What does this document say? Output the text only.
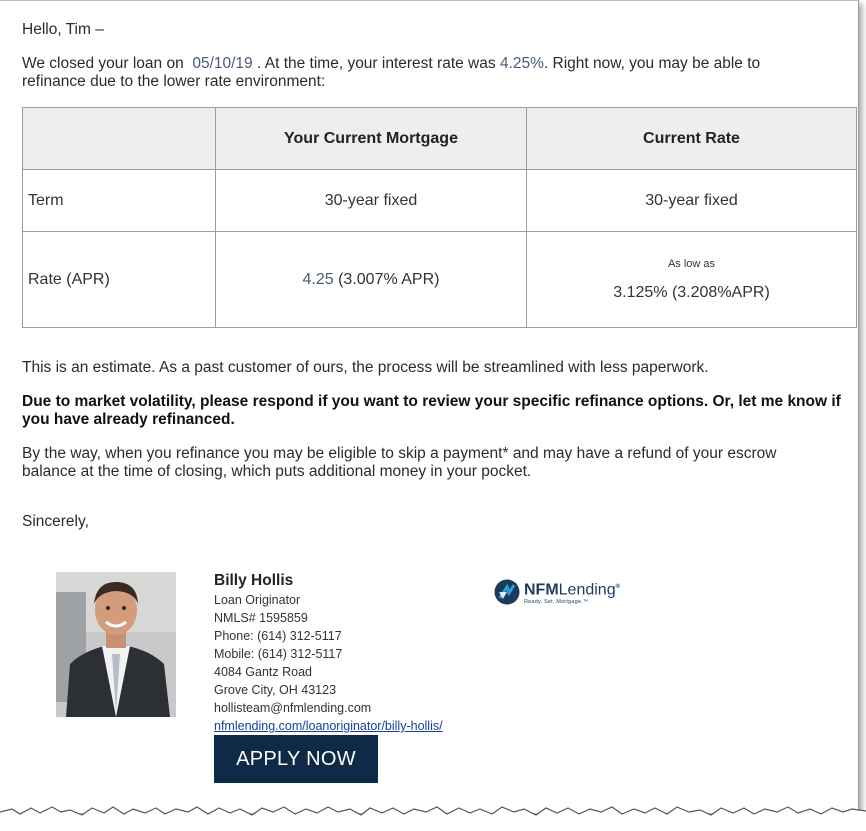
Hello, Tim –

We closed your loan on 05/10/19 . At the time, your interest rate was 4.25%. Right now, you may be able to refinance due to the lower rate environment:

	Your Current Mortgage	Current Rate
Term	30-year fixed	30-year fixed
Rate (APR)	4.25 (3.007% APR)	As low as
3.125% (3.208%APR)

This is an estimate. As a past customer of ours, the process will be streamlined with less paperwork.

Due to market volatility, please respond if you want to review your specific refinance options. Or, let me know if you have already refinanced.

By the way, when you refinance you may be eligible to skip a payment* and may have a refund of your escrow balance at the time of closing, which puts additional money in your pocket.

Sincerely,

Billy Hollis
Loan Originator
NMLS# 1595859
Phone: (614) 312-5117
Mobile: (614) 312-5117
4084 Gantz Road
Grove City, OH 43123
hollisteam@nfmlending.com
nfmlending.com/loanoriginator/billy-hollis/
APPLY NOW
NFMLending®
Ready. Set. Mortgage.™
